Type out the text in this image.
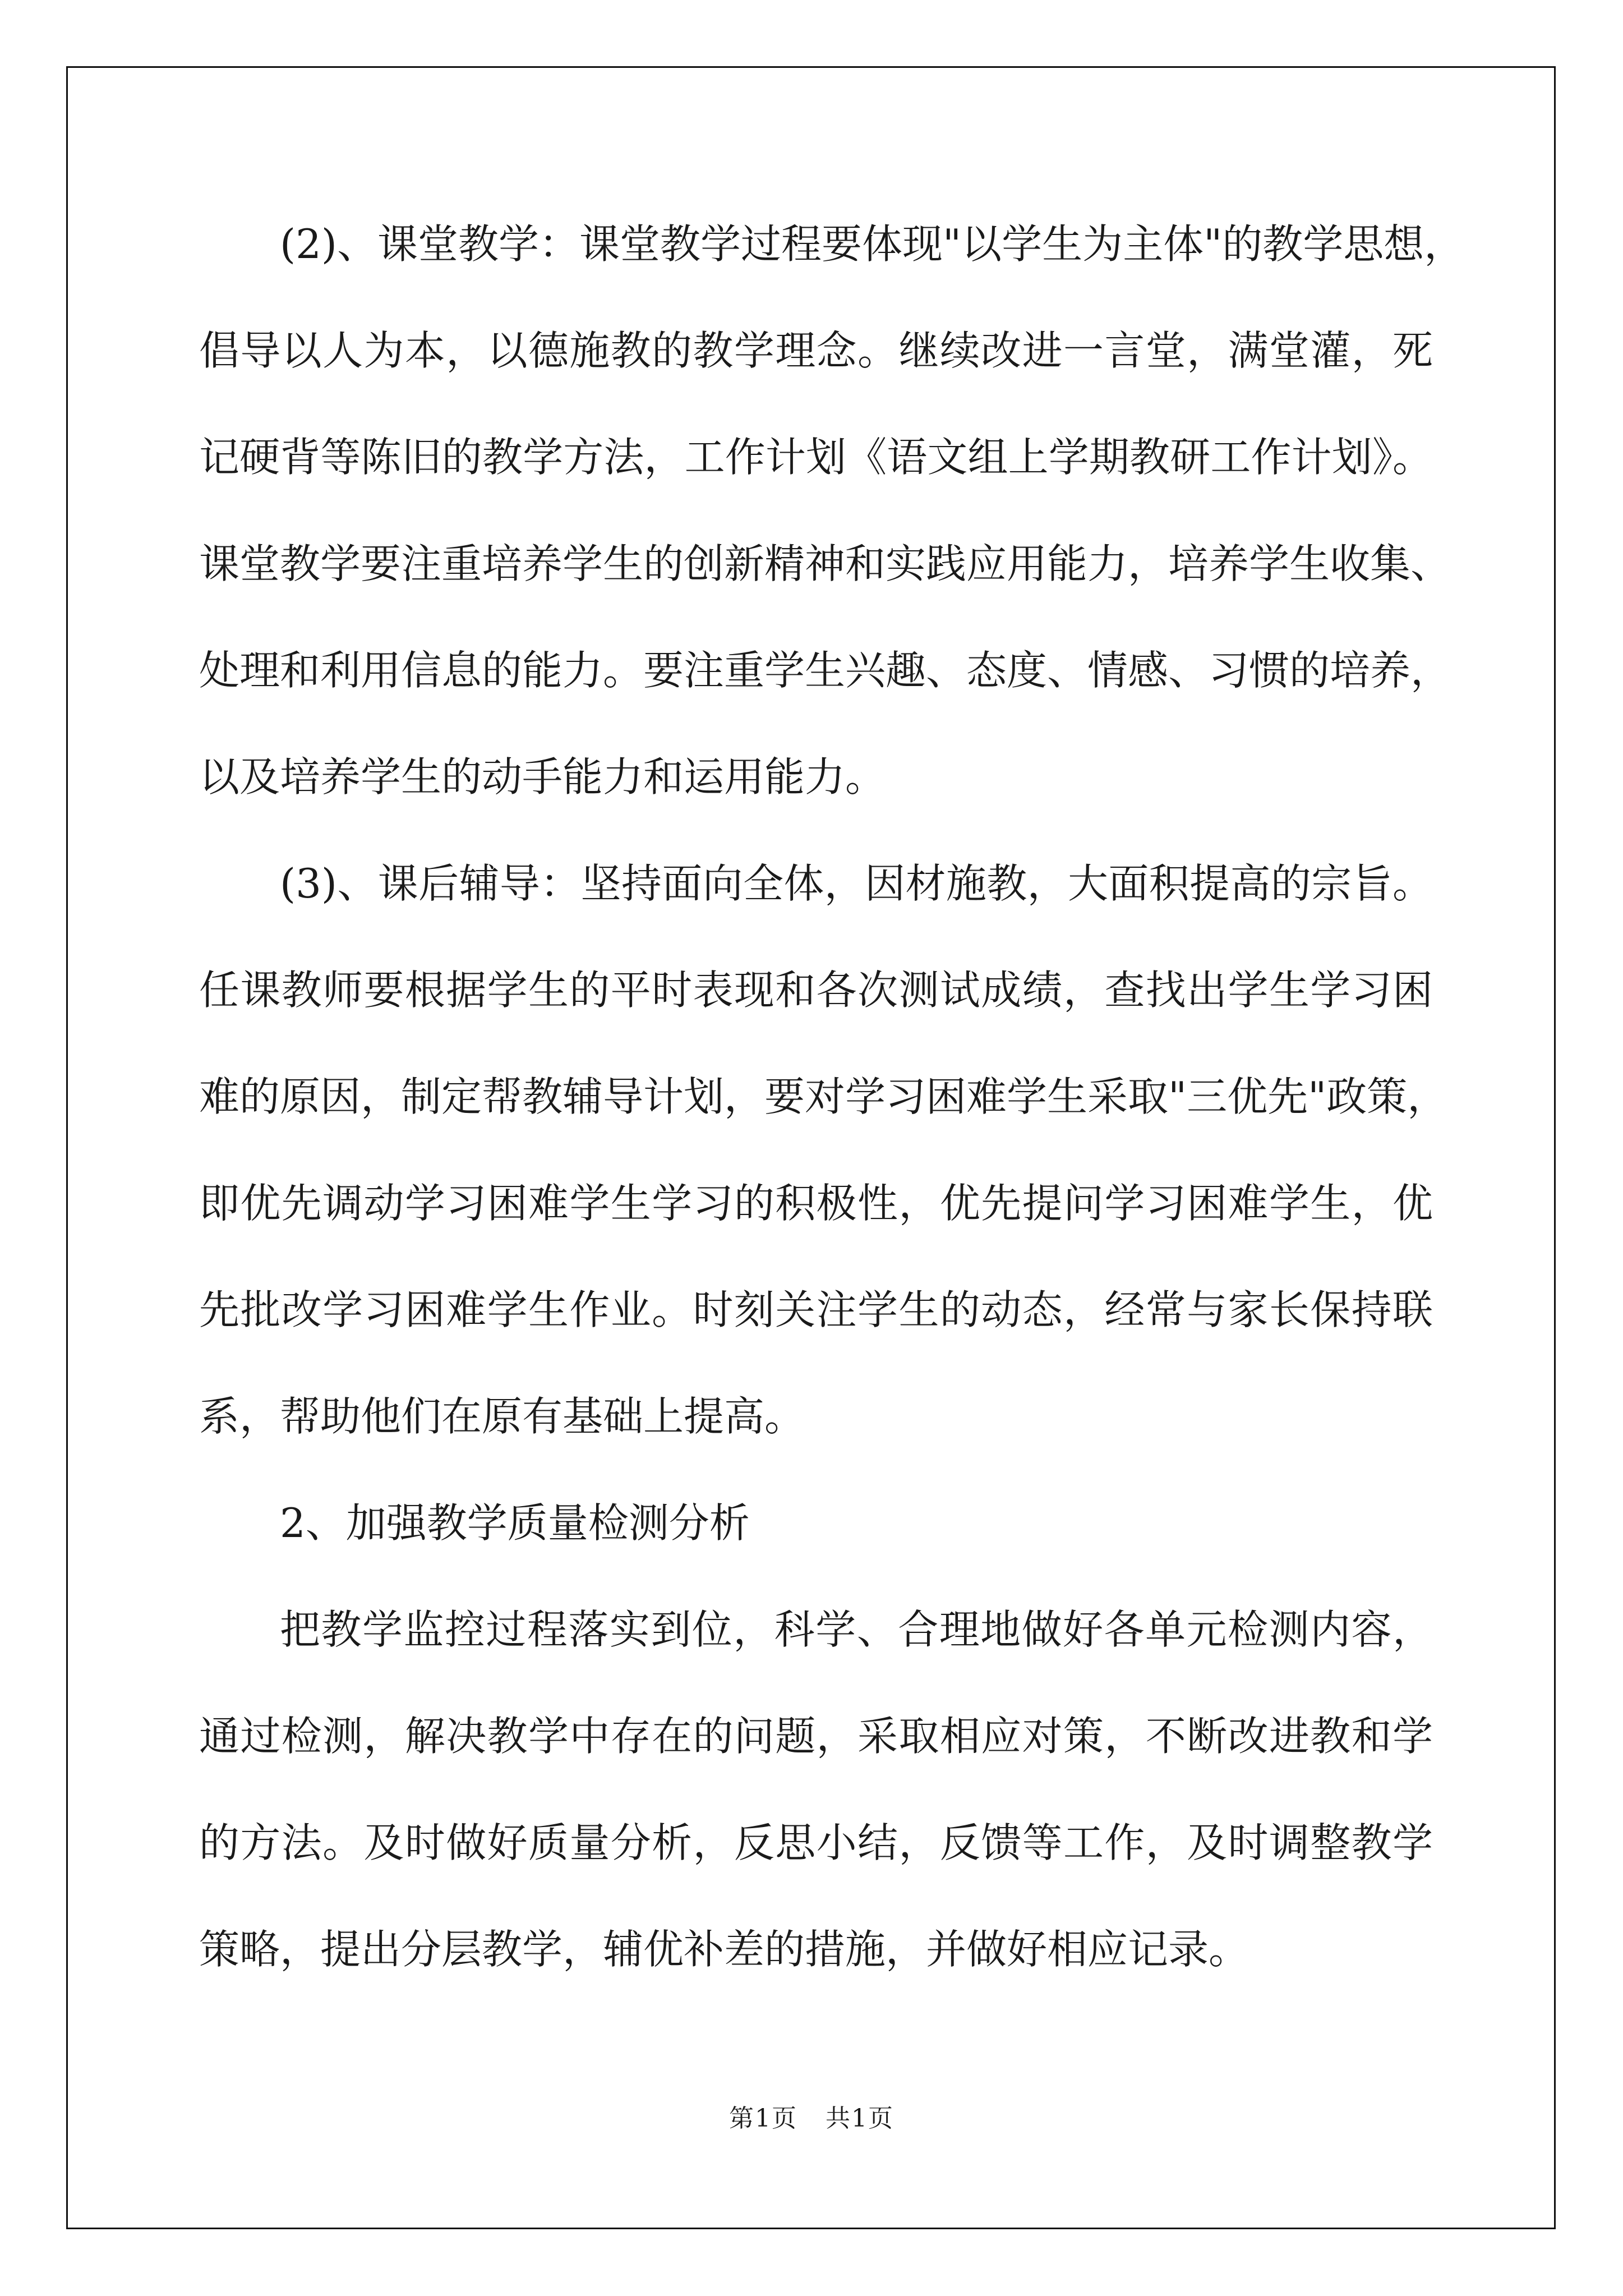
(2)、课堂教学：课堂教学过程要体现"以学生为主体"的教学思想，
倡导以人为本，以德施教的教学理念。继续改进一言堂，满堂灌，死
记硬背等陈旧的教学方法，工作计划《语文组上学期教研工作计划》。
课堂教学要注重培养学生的创新精神和实践应用能力，培养学生收集、
处理和利用信息的能力。要注重学生兴趣、态度、情感、习惯的培养，
以及培养学生的动手能力和运用能力。
(3)、课后辅导：坚持面向全体，因材施教，大面积提高的宗旨。
任课教师要根据学生的平时表现和各次测试成绩，查找出学生学习困
难的原因，制定帮教辅导计划，要对学习困难学生采取"三优先"政策，
即优先调动学习困难学生学习的积极性，优先提问学习困难学生，优
先批改学习困难学生作业。时刻关注学生的动态，经常与家长保持联
系，帮助他们在原有基础上提高。
2、加强教学质量检测分析
把教学监控过程落实到位，科学、合理地做好各单元检测内容，
通过检测，解决教学中存在的问题，采取相应对策，不断改进教和学
的方法。及时做好质量分析，反思小结，反馈等工作，及时调整教学
策略，提出分层教学，辅优补差的措施，并做好相应记录。
第1页 共1页
